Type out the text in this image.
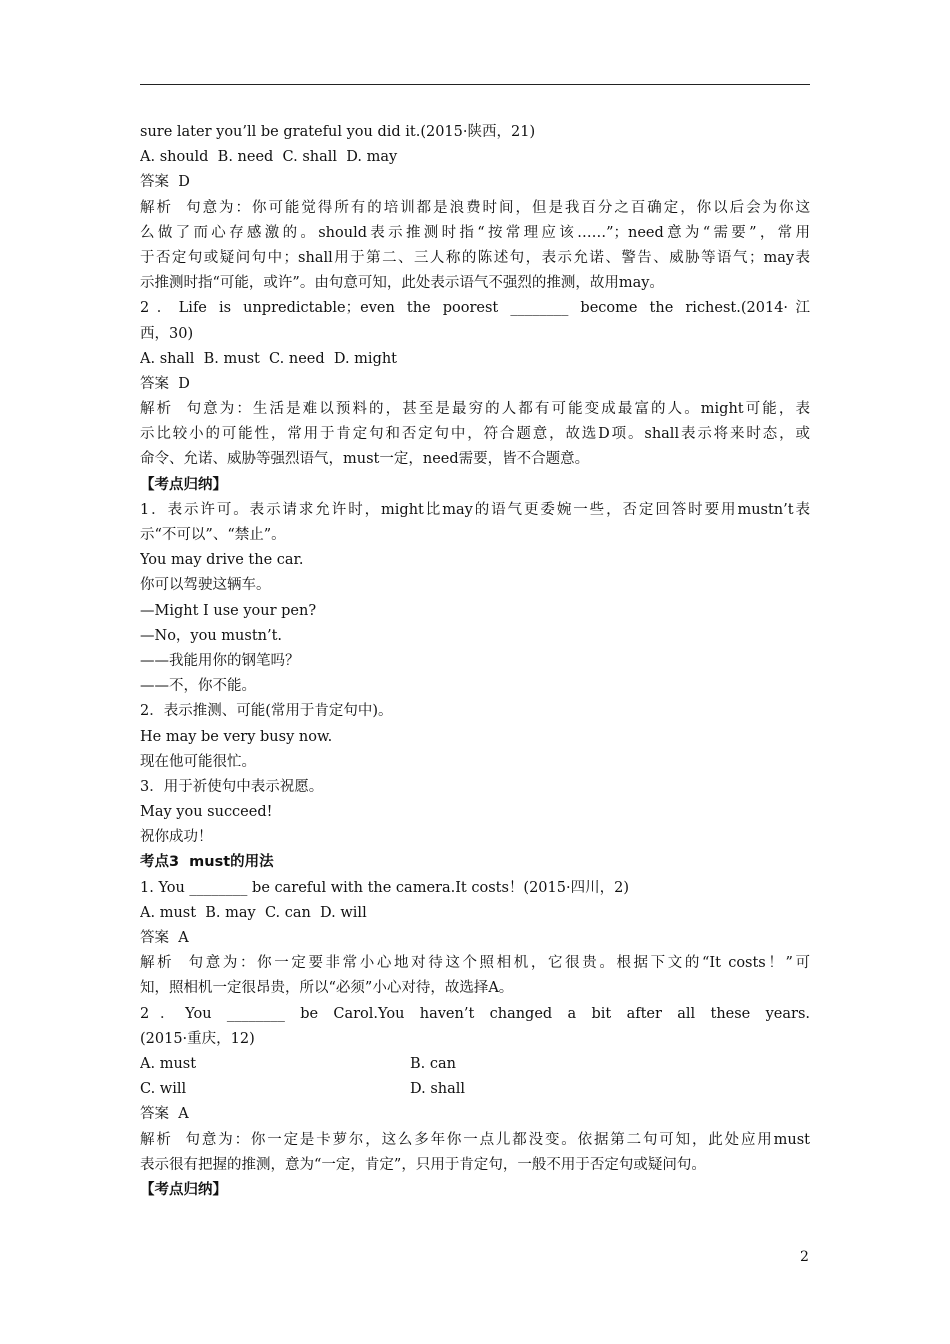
sure later you’ll be grateful you did it.(2015·陕西，21)
A. should  B. need  C. shall  D. may
答案  D
解析  句意为：你可能觉得所有的培训都是浪费时间，但是我百分之百确定，你以后会为你这
么做了而心存感激的。should表示推测时指“按常理应该……”；need意为“需要”，常用
于否定句或疑问句中；shall用于第二、三人称的陈述句，表示允诺、警告、威胁等语气；may表
示推测时指“可能，或许”。由句意可知，此处表示语气不强烈的推测，故用may。
2．Life is unpredictable；even the poorest ________ become the richest.(2014·江
西，30)
A. shall  B. must  C. need  D. might
答案  D
解析  句意为：生活是难以预料的，甚至是最穷的人都有可能变成最富的人。might可能，表
示比较小的可能性，常用于肯定句和否定句中，符合题意，故选D项。shall表示将来时态，或
命令、允诺、威胁等强烈语气，must一定，need需要，皆不合题意。
【考点归纳】
1．表示许可。表示请求允许时，might比may的语气更委婉一些，否定回答时要用mustn’t表
示“不可以”、“禁止”。
You may drive the car.
你可以驾驶这辆车。
—Might I use your pen?
—No，you mustn’t.
——我能用你的钢笔吗？
——不，你不能。
2．表示推测、可能(常用于肯定句中)。
He may be very busy now.
现在他可能很忙。
3．用于祈使句中表示祝愿。
May you succeed!
祝你成功！
考点3  must的用法
1. You ________ be careful with the camera.It costs！(2015·四川，2)
A. must  B. may  C. can  D. will
答案  A
解析  句意为：你一定要非常小心地对待这个照相机，它很贵。根据下文的“It costs！”可
知，照相机一定很昂贵，所以“必须”小心对待，故选择A。
2．You ________ be Carol.You haven’t changed a bit after all these years.
(2015·重庆，12)
A. must	B. can
C. will	D. shall
答案  A
解析  句意为：你一定是卡萝尔，这么多年你一点儿都没变。依据第二句可知，此处应用must
表示很有把握的推测，意为“一定，肯定”，只用于肯定句，一般不用于否定句或疑问句。
【考点归纳】
2
